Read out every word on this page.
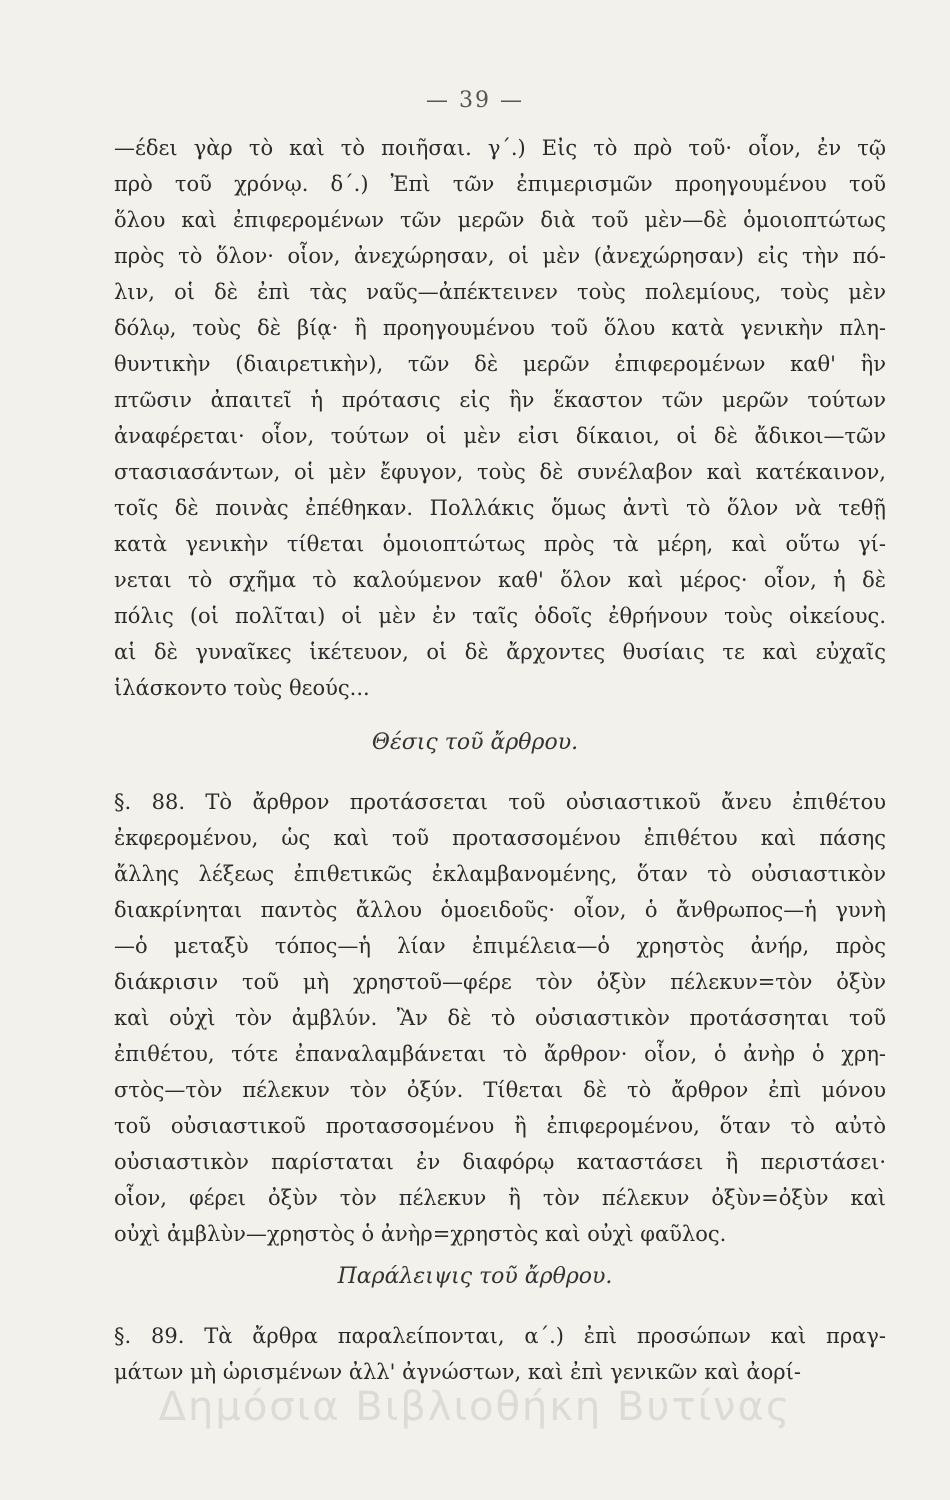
— 39 —
—έδει γὰρ τὸ καὶ τὸ ποιῆσαι. γ΄.) Εἰς τὸ πρὸ τοῦ· οἷον, ἐν τῷ
πρὸ τοῦ χρόνῳ. δ΄.) Ἐπὶ τῶν ἐπιμερισμῶν προηγουμένου τοῦ
ὅλου καὶ ἐπιφερομένων τῶν μερῶν διὰ τοῦ μὲν—δὲ ὁμοιοπτώτως
πρὸς τὸ ὅλον· οἷον, ἀνεχώρησαν, οἱ μὲν (ἀνεχώρησαν) εἰς τὴν πό-
λιν, οἱ δὲ ἐπὶ τὰς ναῦς—ἀπέκτεινεν τοὺς πολεμίους, τοὺς μὲν
δόλῳ, τοὺς δὲ βίᾳ· ἢ προηγουμένου τοῦ ὅλου κατὰ γενικὴν πλη-
θυντικὴν (διαιρετικὴν), τῶν δὲ μερῶν ἐπιφερομένων καθ' ἣν
πτῶσιν ἀπαιτεῖ ἡ πρότασις εἰς ἣν ἕκαστον τῶν μερῶν τούτων
ἀναφέρεται· οἷον, τούτων οἱ μὲν εἰσι δίκαιοι, οἱ δὲ ἄδικοι—τῶν
στασιασάντων, οἱ μὲν ἔφυγον, τοὺς δὲ συνέλαβον καὶ κατέκαινον,
τοῖς δὲ ποινὰς ἐπέθηκαν. Πολλάκις ὅμως ἀντὶ τὸ ὅλον νὰ τεθῇ
κατὰ γενικὴν τίθεται ὁμοιοπτώτως πρὸς τὰ μέρη, καὶ οὕτω γί-
νεται τὸ σχῆμα τὸ καλούμενον καθ' ὅλον καὶ μέρος· οἷον, ἡ δὲ
πόλις (οἱ πολῖται) οἱ μὲν ἐν ταῖς ὁδοῖς ἐθρήνουν τοὺς οἰκείους.
αἱ δὲ γυναῖκες ἱκέτευον, οἱ δὲ ἄρχοντες θυσίαις τε καὶ εὐχαῖς
ἱλάσκοντο τοὺς θεούς...
Θέσις τοῦ ἄρθρου.
§. 88. Τὸ ἄρθρον προτάσσεται τοῦ οὐσιαστικοῦ ἄνευ ἐπιθέτου
ἐκφερομένου, ὡς καὶ τοῦ προτασσομένου ἐπιθέτου καὶ πάσης
ἄλλης λέξεως ἐπιθετικῶς ἐκλαμβανομένης, ὅταν τὸ οὐσιαστικὸν
διακρίνηται παντὸς ἄλλου ὁμοειδοῦς· οἷον, ὁ ἄνθρωπος—ἡ γυνὴ
—ὁ μεταξὺ τόπος—ἡ λίαν ἐπιμέλεια—ὁ χρηστὸς ἀνήρ, πρὸς
διάκρισιν τοῦ μὴ χρηστοῦ—φέρε τὸν ὀξὺν πέλεκυν=τὸν ὀξὺν
καὶ οὐχὶ τὸν ἀμβλύν. Ἂν δὲ τὸ οὐσιαστικὸν προτάσσηται τοῦ
ἐπιθέτου, τότε ἐπαναλαμβάνεται τὸ ἄρθρον· οἷον, ὁ ἀνὴρ ὁ χρη-
στὸς—τὸν πέλεκυν τὸν ὀξύν. Τίθεται δὲ τὸ ἄρθρον ἐπὶ μόνου
τοῦ οὐσιαστικοῦ προτασσομένου ἢ ἐπιφερομένου, ὅταν τὸ αὐτὸ
οὐσιαστικὸν παρίσταται ἐν διαφόρῳ καταστάσει ἢ περιστάσει·
οἷον, φέρει ὀξὺν τὸν πέλεκυν ἢ τὸν πέλεκυν ὀξὺν=ὀξὺν καὶ
οὐχὶ ἀμβλὺν—χρηστὸς ὁ ἀνὴρ=χρηστὸς καὶ οὐχὶ φαῦλος.
Παράλειψις τοῦ ἄρθρου.
§. 89. Τὰ ἄρθρα παραλείπονται, α΄.) ἐπὶ προσώπων καὶ πραγ-
μάτων μὴ ὡρισμένων ἀλλ' ἀγνώστων, καὶ ἐπὶ γενικῶν καὶ ἀορί-
Δημόσια Βιβλιοθήκη Βυτίνας
